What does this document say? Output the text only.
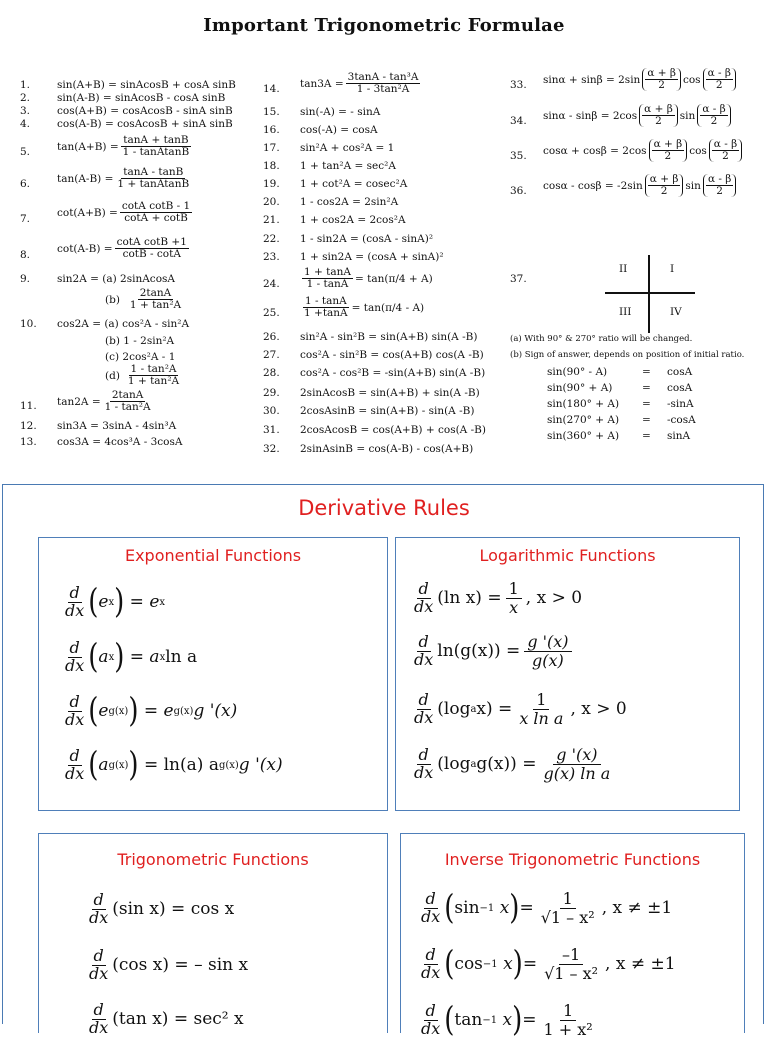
Important Trigonometric Formulae
1.	sin(A+B) = sinAcosB + cosA sinB
2.	sin(A-B) = sinAcosB - cosA sinB
3.	cos(A+B) = cosAcosB - sinA sinB
4.	cos(A-B) = cosAcosB + sinA sinB
5.	$\tan(A+B) = \frac{\tan A + \tan B}{\text{1 - tanAtanB}}$
6.	$\tan(A-B) = \frac{\tan A - \tan B}{\text{1 + tanAtanB}}$
7.
$\cot(A+B) = \frac{\text{cotA cotB - 1}}{\cot A + \cot B}$
8.
$\cot(A-B) = \frac{\text{cotA cotB +1}}{\cot B - \cot A}$
9.	sin2A = (a) 2sinAcosA
$(b) \frac{2\tan A}{\text{1 + tan²A}}$
10. cos2A = (a) cos²A - sin²A
(b) 1 - 2sin²A
(c) 2cos²A - 1
$(d) \frac{\text{1 - tan²A}}{\text{1 + tan²A}}$
11. $\tan 2A = \frac{2\tan A}{\text{1 - tan²A}}$
12. sin3A = 3sinA - 4sin³A
13. cos3A = 4cos³A - 3cosA
14. $\tan 3A = \frac{\text{3tanA - tan³A}}{\text{1 - 3tan²A}}$
15. sin(-A) = - sinA
16. cos(-A) = cosA
17. sin²A + cos²A = 1
18. 1 + tan²A = sec²A
19. 1 + cot²A = cosec²A
20. 1 - cos2A = 2sin²A
21. 1 + cos2A = 2cos²A
22. 1 - sin2A = (cosA - sinA)²
23. 1 + sin2A = (cosA + sinA)²
24. $\frac{1 + \tan A}{1 - \tan A} = \tan(\pi/4 + A)$
25. $\frac{1 - \tan A}{1 +\tan A} = \tan(\pi/4 - A)$
26. sin²A - sin²B = sin(A+B) sin(A -B)
27. cos²A - sin²B = cos(A+B) cos(A -B)
28. cos²A - cos²B = -sin(A+B) sin(A -B)
29. 2sinAcosB = sin(A+B) + sin(A -B)
30. 2cosAsinB = sin(A+B) - sin(A -B)
31. 2cosAcosB = cos(A+B) + cos(A -B)
32. 2sinAsinB = cos(A-B) - cos(A+B)
33. $\sin\alpha + \sin\beta = 2\sin \frac{\alpha + \beta}{2}$ $\cos \frac{\alpha - \beta}{2}$
34. $\sin\alpha - \sin\beta = 2\cos \frac{\alpha + \beta}{2}$ $\sin \frac{\alpha - \beta}{2}$
35. $\cos\alpha + \cos\beta = 2\cos \frac{\alpha + \beta}{2}$ $\cos \frac{\alpha - \beta}{2}$
36. $\cos\alpha - \cos\beta = -2\sin \frac{\alpha + \beta}{2}$ $\sin \frac{\alpha - \beta}{2}$
37.
II	I
III	IV
(a) With 90° & 270° ratio will be changed.
(b) Sign of answer, depends on position of initial ratio.
sin(90° - A)	=	cosA
sin(90° + A)	=	cosA
sin(180° + A)	=	-sinA
sin(270° + A)	=	-cosA
sin(360° + A)	=	sinA
Derivative Rules
Exponential Functions
d
dx ( e x ) = e x
d
dx ( a x ) = a x ln a
d
dx ( e g(x) ) = e g(x) g '(x)
d
dx ( a g(x) ) = ln(a) a g(x) g '(x)
Logarithmic Functions
d
dx (ln $x) = \frac{1}{x}$ , x > 0
d
dx $\ln(g(x)) = \frac{g '(x)}{g(x)}$
d
dx (log a $x) = \frac{1}{\text{x ln a}}$ , x > 0
d
dx (log a $g(x)) = \frac{g '(x)}{\text{g(x) ln a}}$
Trigonometric Functions
d
dx (sin x) = cos x
d
dx (cos x) = – sin x
d
dx (tan x) = sec² x
Inverse Trigonometric Functions
d
dx ( sin −1
x ) = $\frac{1}{\text{√1 – x²}}$ , x ≠ ±1
d
dx ( cos −1
x ) = $\frac{-1}{\text{√1 – x²}}$ , x ≠ ±1
d
dx ( tan −1
x ) = $\frac{1}{\text{1 + x²}}$
